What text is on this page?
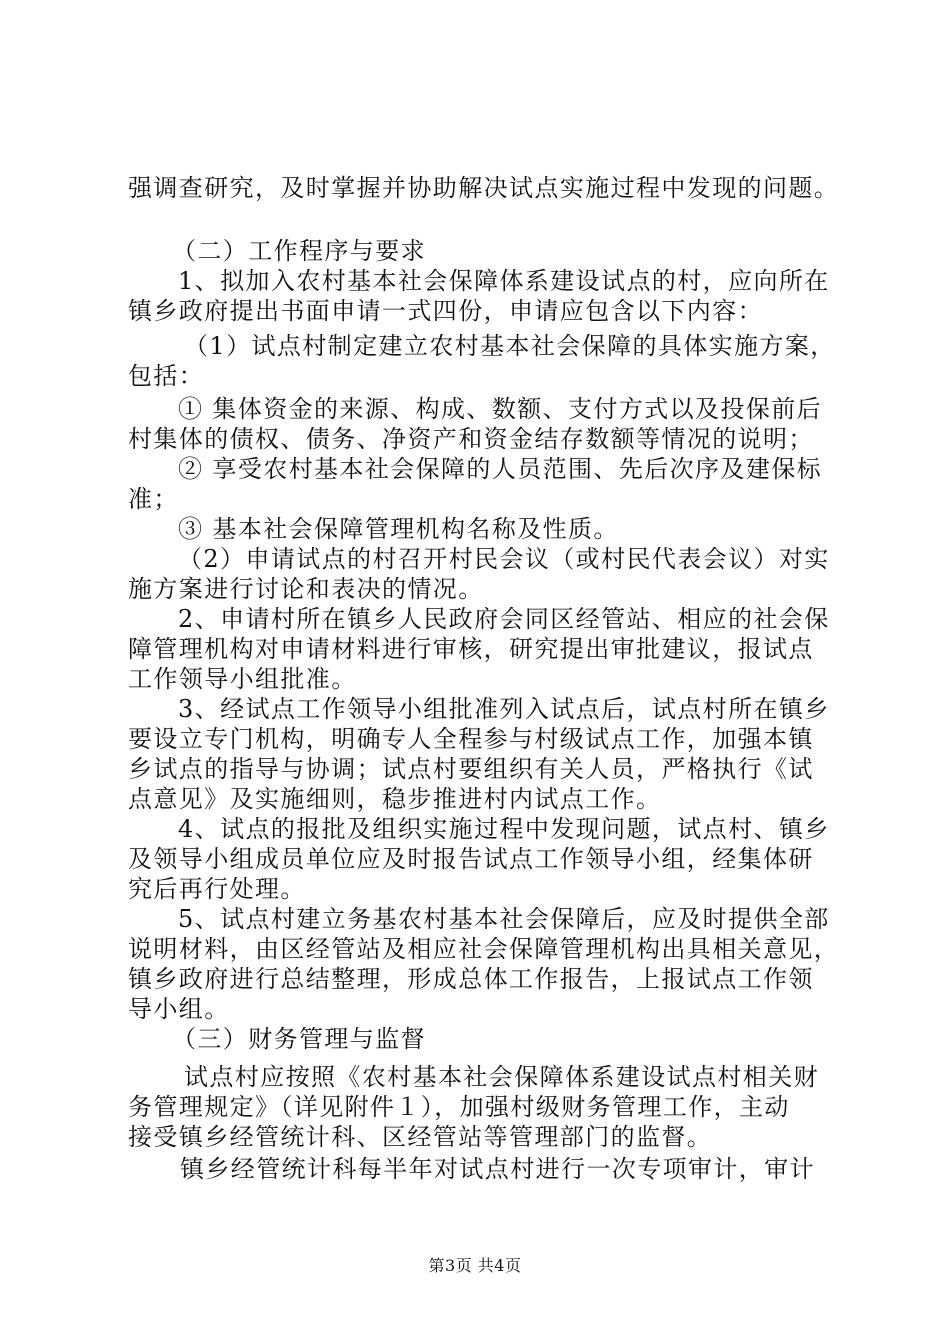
强调查研究，及时掌握并协助解决试点实施过程中发现的问题。
（二）工作程序与要求
1、拟加入农村基本社会保障体系建设试点的村，应向所在
镇乡政府提出书面申请一式四份，申请应包含以下内容：
（1）试点村制定建立农村基本社会保障的具体实施方案，
包括：
① 集体资金的来源、构成、数额、支付方式以及投保前后
村集体的债权、债务、净资产和资金结存数额等情况的说明；
② 享受农村基本社会保障的人员范围、先后次序及建保标
准；
③ 基本社会保障管理机构名称及性质。
（2）申请试点的村召开村民会议（或村民代表会议）对实
施方案进行讨论和表决的情况。
2、申请村所在镇乡人民政府会同区经管站、相应的社会保
障管理机构对申请材料进行审核，研究提出审批建议，报试点
工作领导小组批准。
3、经试点工作领导小组批准列入试点后，试点村所在镇乡
要设立专门机构，明确专人全程参与村级试点工作，加强本镇
乡试点的指导与协调；试点村要组织有关人员，严格执行《试
点意见》及实施细则，稳步推进村内试点工作。
4、试点的报批及组织实施过程中发现问题，试点村、镇乡
及领导小组成员单位应及时报告试点工作领导小组，经集体研
究后再行处理。
5、试点村建立务基农村基本社会保障后，应及时提供全部
说明材料，由区经管站及相应社会保障管理机构出具相关意见，
镇乡政府进行总结整理，形成总体工作报告，上报试点工作领
导小组。
（三）财务管理与监督
试点村应按照《农村基本社会保障体系建设试点村相关财
务管理规定》（详见附件１），加强村级财务管理工作，主动
接受镇乡经管统计科、区经管站等管理部门的监督。
镇乡经管统计科每半年对试点村进行一次专项审计，审计
第3页 共4页
